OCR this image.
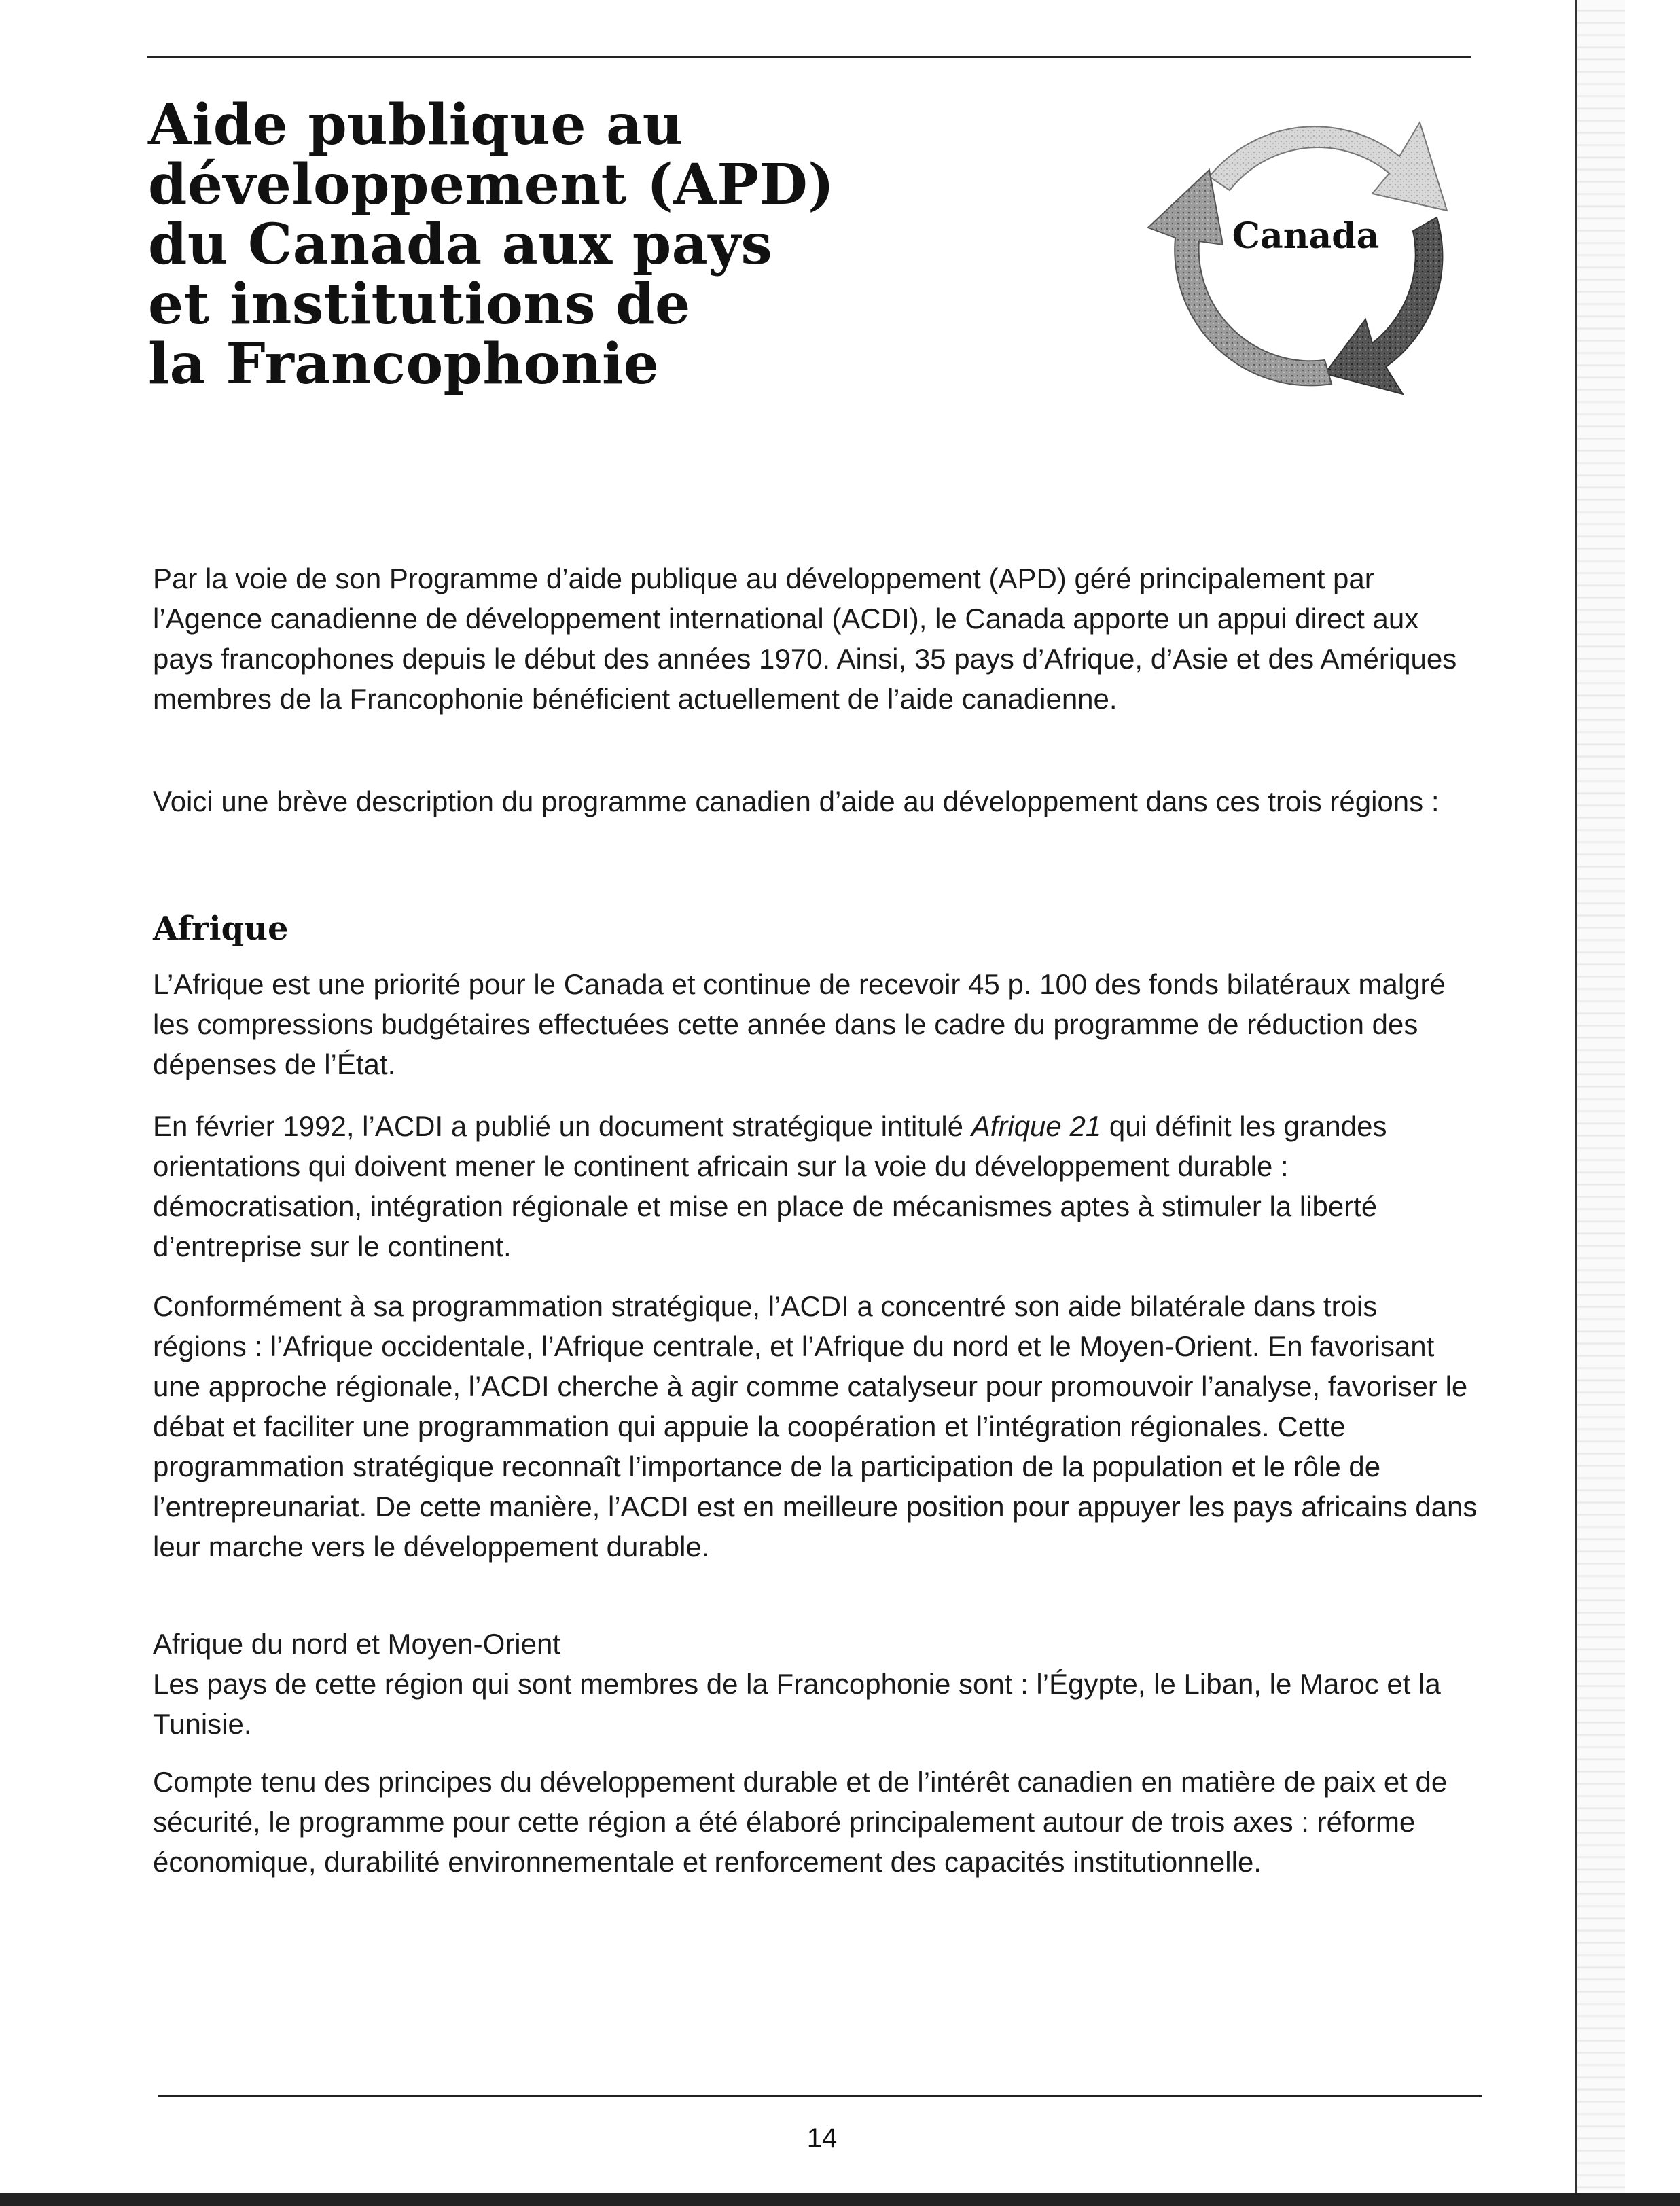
Aide publique au
développement (APD)
du Canada aux pays
et institutions de
la Francophonie
Canada

Par la voie de son Programme d’aide publique au développement (APD) géré principalement par l’Agence canadienne de développement international (ACDI), le Canada apporte un appui direct aux pays francophones depuis le début des années 1970. Ainsi, 35 pays d’Afrique, d’Asie et des Amériques membres de la Francophonie bénéficient actuellement de l’aide canadienne.

Voici une brève description du programme canadien d’aide au développement dans ces trois régions :

Afrique

L’Afrique est une priorité pour le Canada et continue de recevoir 45 p. 100 des fonds bilatéraux malgré les compressions budgétaires effectuées cette année dans le cadre du programme de réduction des dépenses de l’État.

En février 1992, l’ACDI a publié un document stratégique intitulé Afrique 21 qui définit les grandes orientations qui doivent mener le continent africain sur la voie du développement durable : démocratisation, intégration régionale et mise en place de mécanismes aptes à stimuler la liberté d’entreprise sur le continent.

Conformément à sa programmation stratégique, l’ACDI a concentré son aide bilatérale dans trois régions : l’Afrique occidentale, l’Afrique centrale, et l’Afrique du nord et le Moyen-Orient. En favorisant une approche régionale, l’ACDI cherche à agir comme catalyseur pour promouvoir l’analyse, favoriser le débat et faciliter une programmation qui appuie la coopération et l’intégration régionales. Cette programmation stratégique reconnaît l’importance de la participation de la population et le rôle de l’entrepreunariat. De cette manière, l’ACDI est en meilleure position pour appuyer les pays africains dans leur marche vers le développement durable.

Afrique du nord et Moyen-Orient
Les pays de cette région qui sont membres de la Francophonie sont : l’Égypte, le Liban, le Maroc et la Tunisie.

Compte tenu des principes du développement durable et de l’intérêt canadien en matière de paix et de sécurité, le programme pour cette région a été élaboré principalement autour de trois axes : réforme économique, durabilité environnementale et renforcement des capacités institutionnelle.

14
